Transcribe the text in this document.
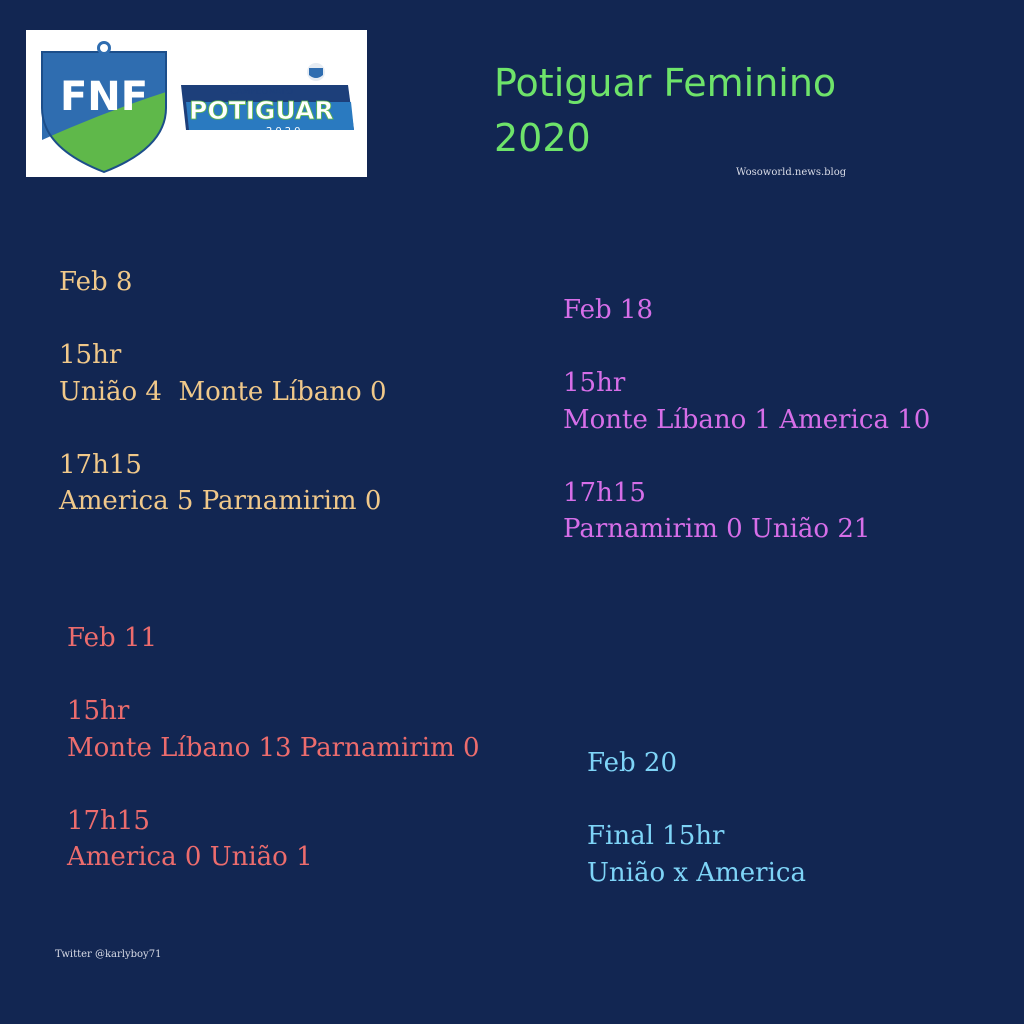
FNF	CAMPEONATO
POTIGUAR
2020
Potiguar Feminino
2020
Wosoworld.news.blog
Feb 8
15hr
União 4  Monte Líbano 0
17h15
America 5 Parnamirim 0
Feb 18
15hr
Monte Líbano 1 America 10
17h15
Parnamirim 0 União 21
Feb 11
15hr
Monte Líbano 13 Parnamirim 0
17h15
America 0 União 1
Feb 20
Final 15hr
União x America
Twitter @karlyboy71
